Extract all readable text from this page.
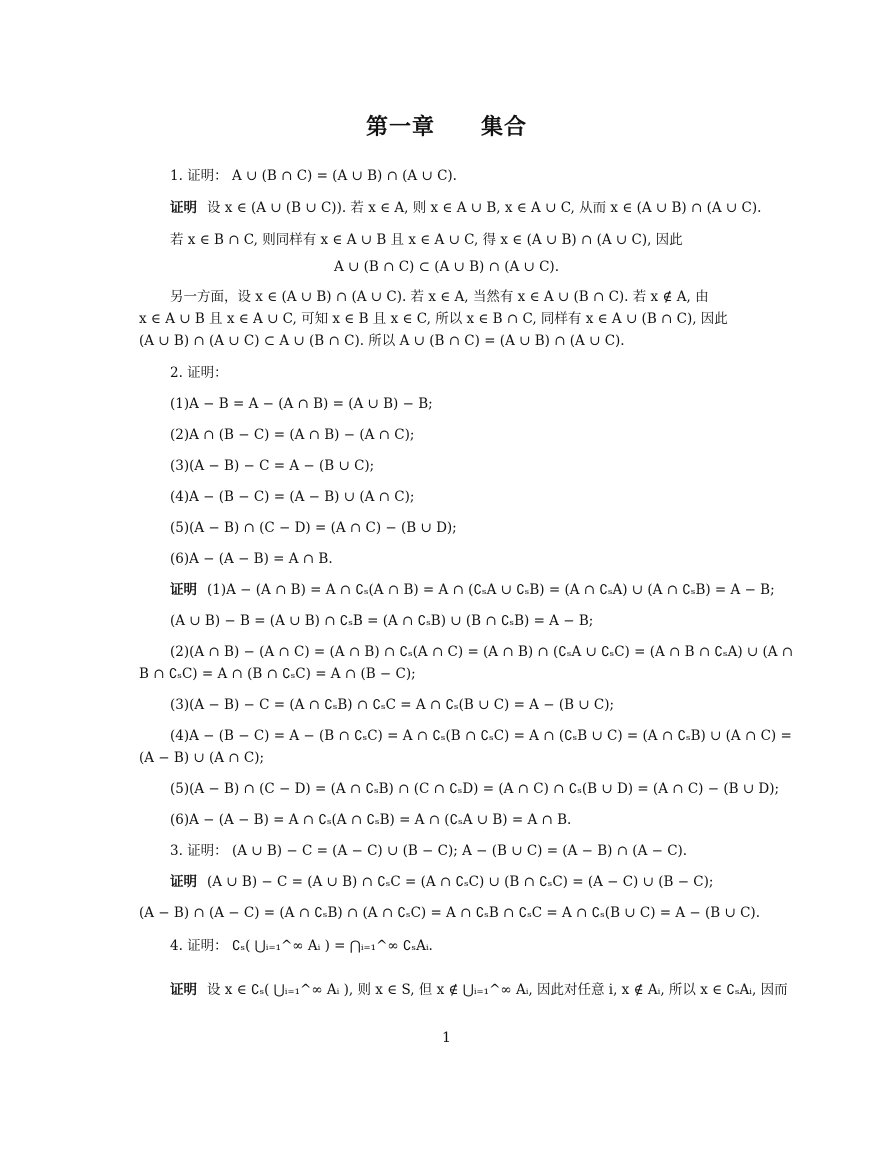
第一章　　集合
1. 证明： A ∪ (B ∩ C) = (A ∪ B) ∩ (A ∪ C).
证明 设 x ∈ (A ∪ (B ∪ C)). 若 x ∈ A, 则 x ∈ A ∪ B, x ∈ A ∪ C, 从而 x ∈ (A ∪ B) ∩ (A ∪ C).
若 x ∈ B ∩ C, 则同样有 x ∈ A ∪ B 且 x ∈ A ∪ C, 得 x ∈ (A ∪ B) ∩ (A ∪ C), 因此
A ∪ (B ∩ C) ⊂ (A ∪ B) ∩ (A ∪ C).
另一方面，设 x ∈ (A ∪ B) ∩ (A ∪ C). 若 x ∈ A, 当然有 x ∈ A ∪ (B ∩ C). 若 x ∉ A, 由
x ∈ A ∪ B 且 x ∈ A ∪ C, 可知 x ∈ B 且 x ∈ C, 所以 x ∈ B ∩ C, 同样有 x ∈ A ∪ (B ∩ C), 因此
(A ∪ B) ∩ (A ∪ C) ⊂ A ∪ (B ∩ C). 所以 A ∪ (B ∩ C) = (A ∪ B) ∩ (A ∪ C).
2. 证明：
(1)A − B = A − (A ∩ B) = (A ∪ B) − B;
(2)A ∩ (B − C) = (A ∩ B) − (A ∩ C);
(3)(A − B) − C = A − (B ∪ C);
(4)A − (B − C) = (A − B) ∪ (A ∩ C);
(5)(A − B) ∩ (C − D) = (A ∩ C) − (B ∪ D);
(6)A − (A − B) = A ∩ B.
证明 (1)A − (A ∩ B) = A ∩ ∁ₛ(A ∩ B) = A ∩ (∁ₛA ∪ ∁ₛB) = (A ∩ ∁ₛA) ∪ (A ∩ ∁ₛB) = A − B;
(A ∪ B) − B = (A ∪ B) ∩ ∁ₛB = (A ∩ ∁ₛB) ∪ (B ∩ ∁ₛB) = A − B;
(2)(A ∩ B) − (A ∩ C) = (A ∩ B) ∩ ∁ₛ(A ∩ C) = (A ∩ B) ∩ (∁ₛA ∪ ∁ₛC) = (A ∩ B ∩ ∁ₛA) ∪ (A ∩
B ∩ ∁ₛC) = A ∩ (B ∩ ∁ₛC) = A ∩ (B − C);
(3)(A − B) − C = (A ∩ ∁ₛB) ∩ ∁ₛC = A ∩ ∁ₛ(B ∪ C) = A − (B ∪ C);
(4)A − (B − C) = A − (B ∩ ∁ₛC) = A ∩ ∁ₛ(B ∩ ∁ₛC) = A ∩ (∁ₛB ∪ C) = (A ∩ ∁ₛB) ∪ (A ∩ C) =
(A − B) ∪ (A ∩ C);
(5)(A − B) ∩ (C − D) = (A ∩ ∁ₛB) ∩ (C ∩ ∁ₛD) = (A ∩ C) ∩ ∁ₛ(B ∪ D) = (A ∩ C) − (B ∪ D);
(6)A − (A − B) = A ∩ ∁ₛ(A ∩ ∁ₛB) = A ∩ (∁ₛA ∪ B) = A ∩ B.
3. 证明： (A ∪ B) − C = (A − C) ∪ (B − C); A − (B ∪ C) = (A − B) ∩ (A − C).
证明 (A ∪ B) − C = (A ∪ B) ∩ ∁ₛC = (A ∩ ∁ₛC) ∪ (B ∩ ∁ₛC) = (A − C) ∪ (B − C);
(A − B) ∩ (A − C) = (A ∩ ∁ₛB) ∩ (A ∩ ∁ₛC) = A ∩ ∁ₛB ∩ ∁ₛC = A ∩ ∁ₛ(B ∪ C) = A − (B ∪ C).
4. 证明： ∁ₛ( ⋃ᵢ₌₁^∞ Aᵢ ) = ⋂ᵢ₌₁^∞ ∁ₛAᵢ.
证明 设 x ∈ ∁ₛ( ⋃ᵢ₌₁^∞ Aᵢ ), 则 x ∈ S, 但 x ∉ ⋃ᵢ₌₁^∞ Aᵢ, 因此对任意 i, x ∉ Aᵢ, 所以 x ∈ ∁ₛAᵢ, 因而
1
